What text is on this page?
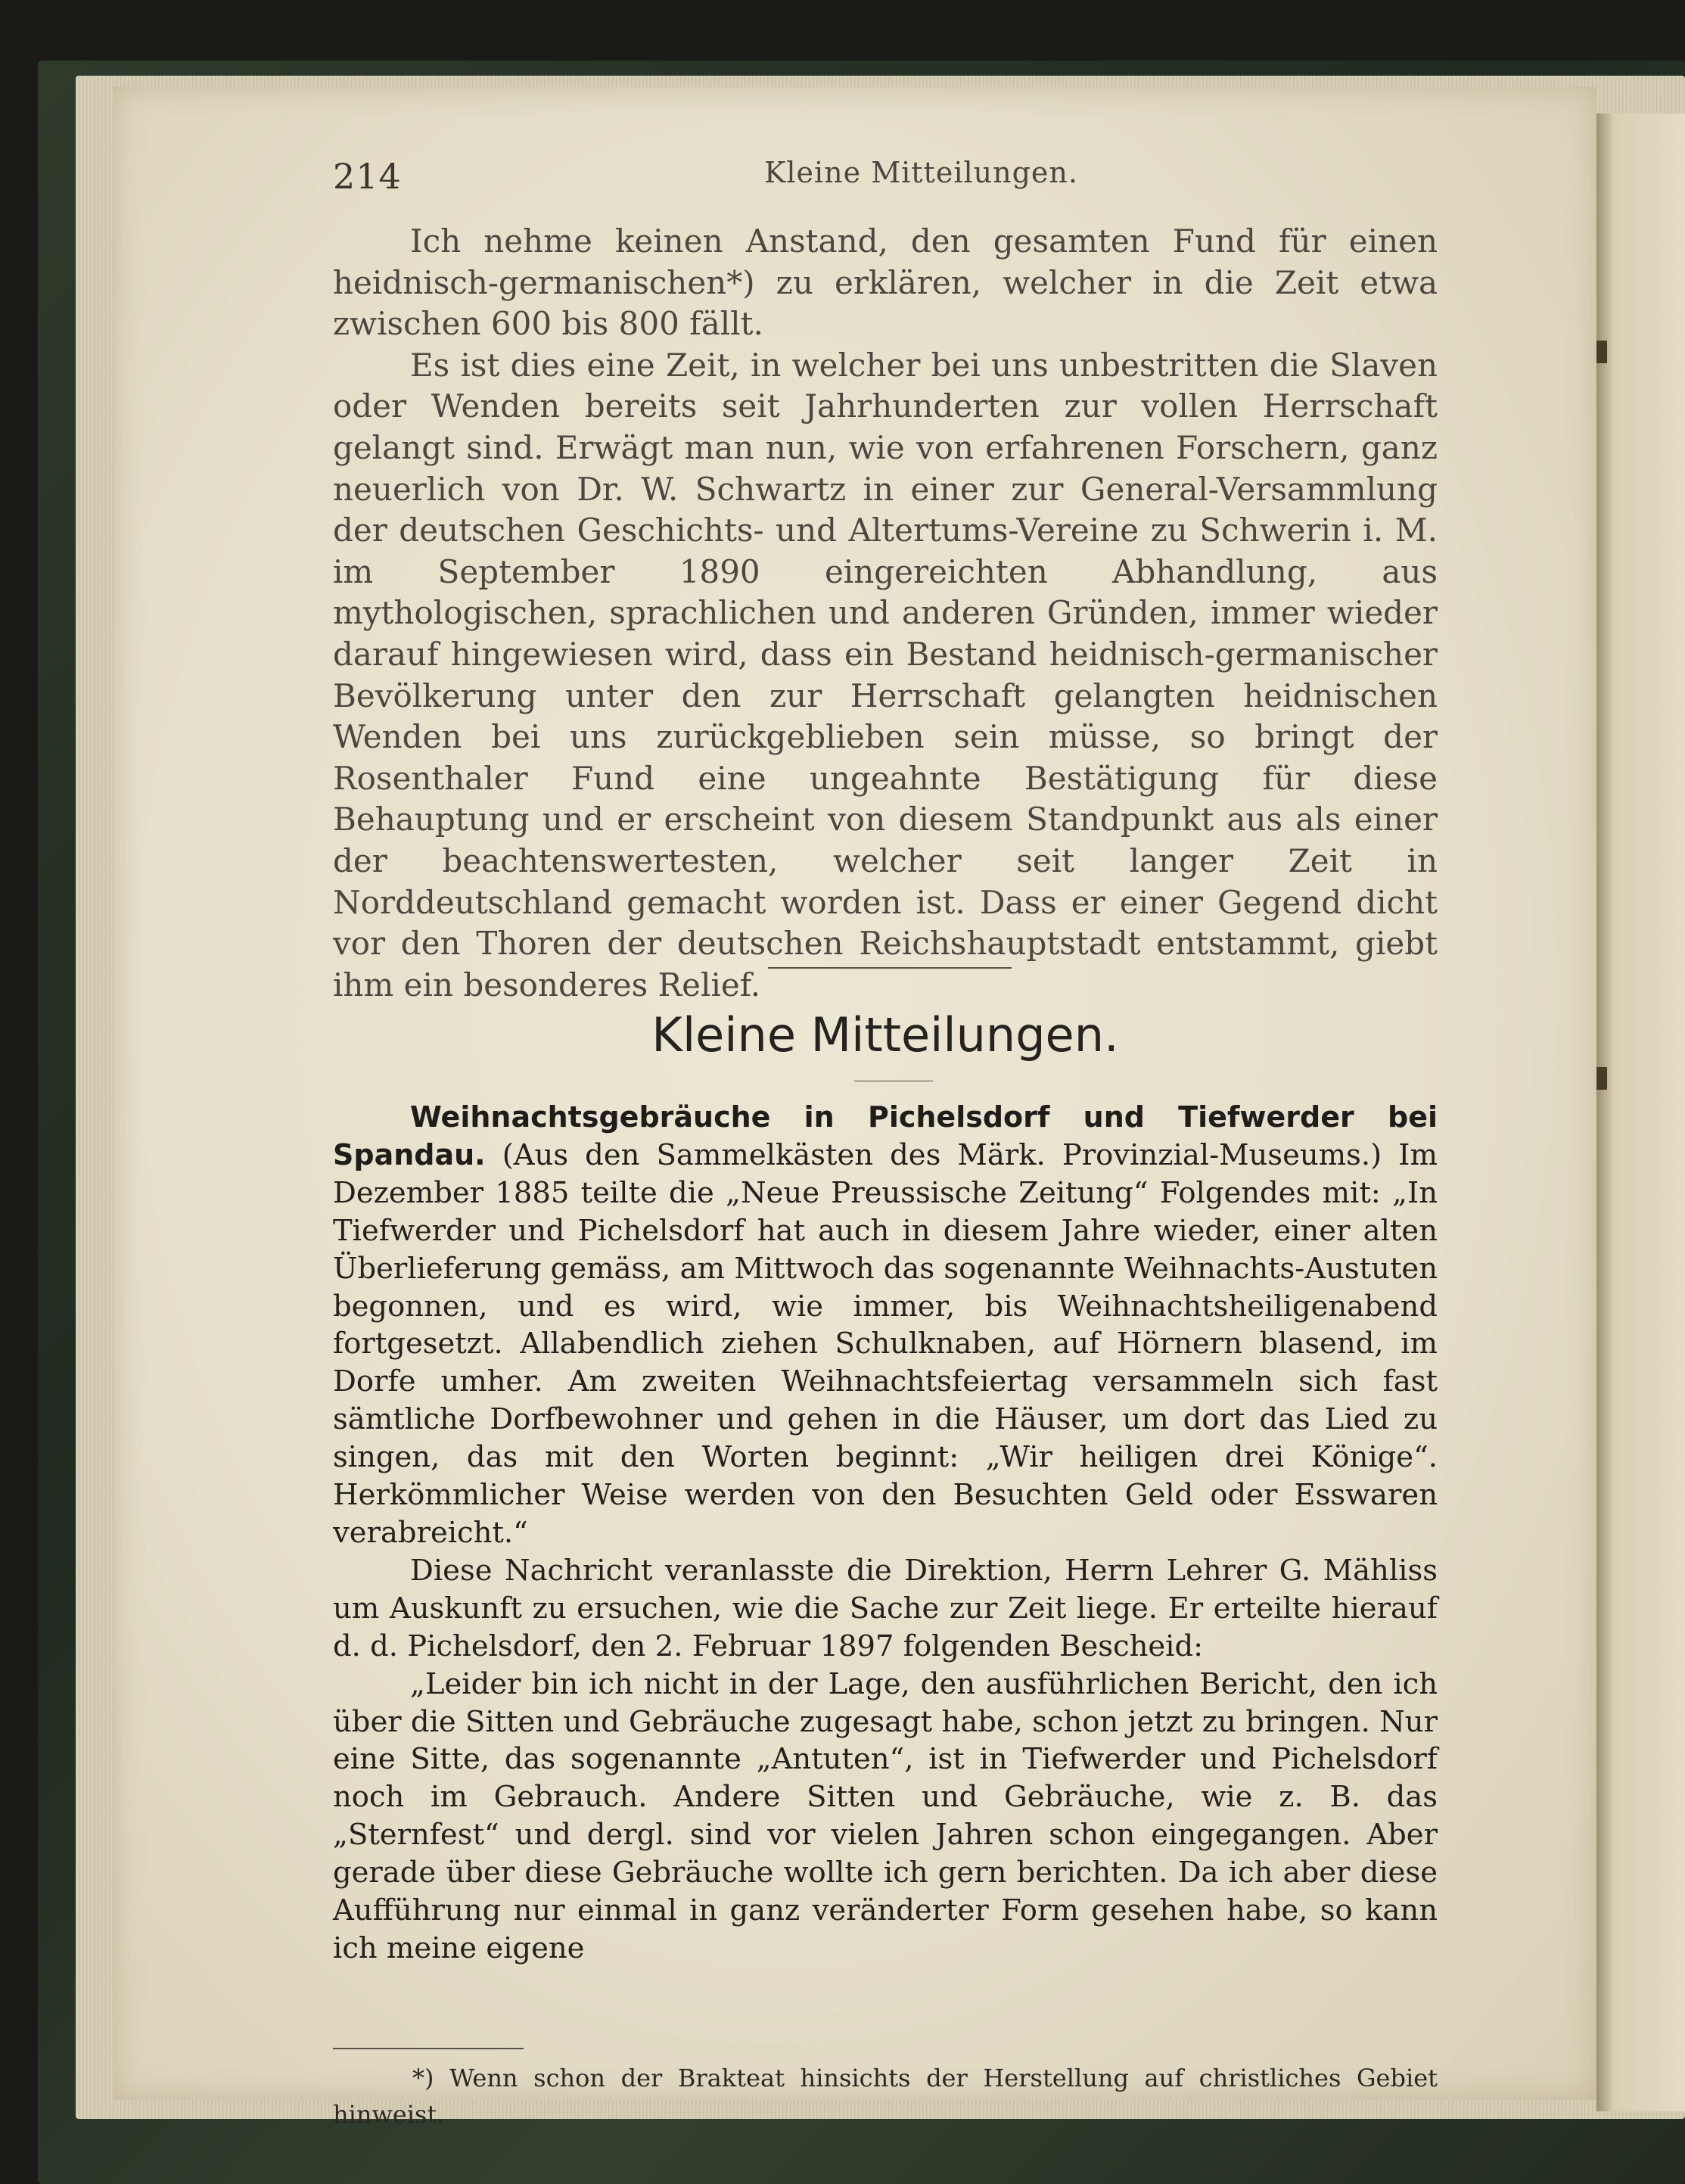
214	Kleine Mitteilungen.

Ich nehme keinen Anstand, den gesamten Fund für einen heidnisch-germanischen*) zu erklären, welcher in die Zeit etwa zwischen 600 bis 800 fällt.

Es ist dies eine Zeit, in welcher bei uns unbestritten die Slaven oder Wenden bereits seit Jahrhunderten zur vollen Herrschaft gelangt sind. Erwägt man nun, wie von erfahrenen Forschern, ganz neuerlich von Dr. W. Schwartz in einer zur General-Versammlung der deutschen Geschichts- und Altertums-Vereine zu Schwerin i. M. im September 1890 eingereichten Abhandlung, aus mythologischen, sprachlichen und anderen Gründen, immer wieder darauf hingewiesen wird, dass ein Bestand heidnisch-germanischer Bevölkerung unter den zur Herrschaft gelangten heidnischen Wenden bei uns zurückgeblieben sein müsse, so bringt der Rosenthaler Fund eine ungeahnte Bestätigung für diese Behauptung und er erscheint von diesem Standpunkt aus als einer der beachtenswertesten, welcher seit langer Zeit in Norddeutschland gemacht worden ist. Dass er einer Gegend dicht vor den Thoren der deutschen Reichshauptstadt entstammt, giebt ihm ein besonderes Relief.

Kleine Mitteilungen.

Weihnachtsgebräuche in Pichelsdorf und Tiefwerder bei Spandau. (Aus den Sammelkästen des Märk. Provinzial-Museums.) Im Dezember 1885 teilte die „Neue Preussische Zeitung“ Folgendes mit: „In Tiefwerder und Pichelsdorf hat auch in diesem Jahre wieder, einer alten Überlieferung gemäss, am Mittwoch das sogenannte Weihnachts-Austuten begonnen, und es wird, wie immer, bis Weihnachtsheiligenabend fortgesetzt. Allabendlich ziehen Schulknaben, auf Hörnern blasend, im Dorfe umher. Am zweiten Weihnachtsfeiertag versammeln sich fast sämtliche Dorfbewohner und gehen in die Häuser, um dort das Lied zu singen, das mit den Worten beginnt: „Wir heiligen drei Könige“. Herkömmlicher Weise werden von den Besuchten Geld oder Esswaren verabreicht.“

Diese Nachricht veranlasste die Direktion, Herrn Lehrer G. Mähliss um Auskunft zu ersuchen, wie die Sache zur Zeit liege. Er erteilte hierauf d. d. Pichelsdorf, den 2. Februar 1897 folgenden Bescheid:

„Leider bin ich nicht in der Lage, den ausführlichen Bericht, den ich über die Sitten und Gebräuche zugesagt habe, schon jetzt zu bringen. Nur eine Sitte, das sogenannte „Antuten“, ist in Tiefwerder und Pichelsdorf noch im Gebrauch. Andere Sitten und Gebräuche, wie z. B. das „Sternfest“ und dergl. sind vor vielen Jahren schon eingegangen. Aber gerade über diese Gebräuche wollte ich gern berichten. Da ich aber diese Aufführung nur einmal in ganz veränderter Form gesehen habe, so kann ich meine eigene

*) Wenn schon der Brakteat hinsichts der Herstellung auf christliches Gebiet hinweist.
